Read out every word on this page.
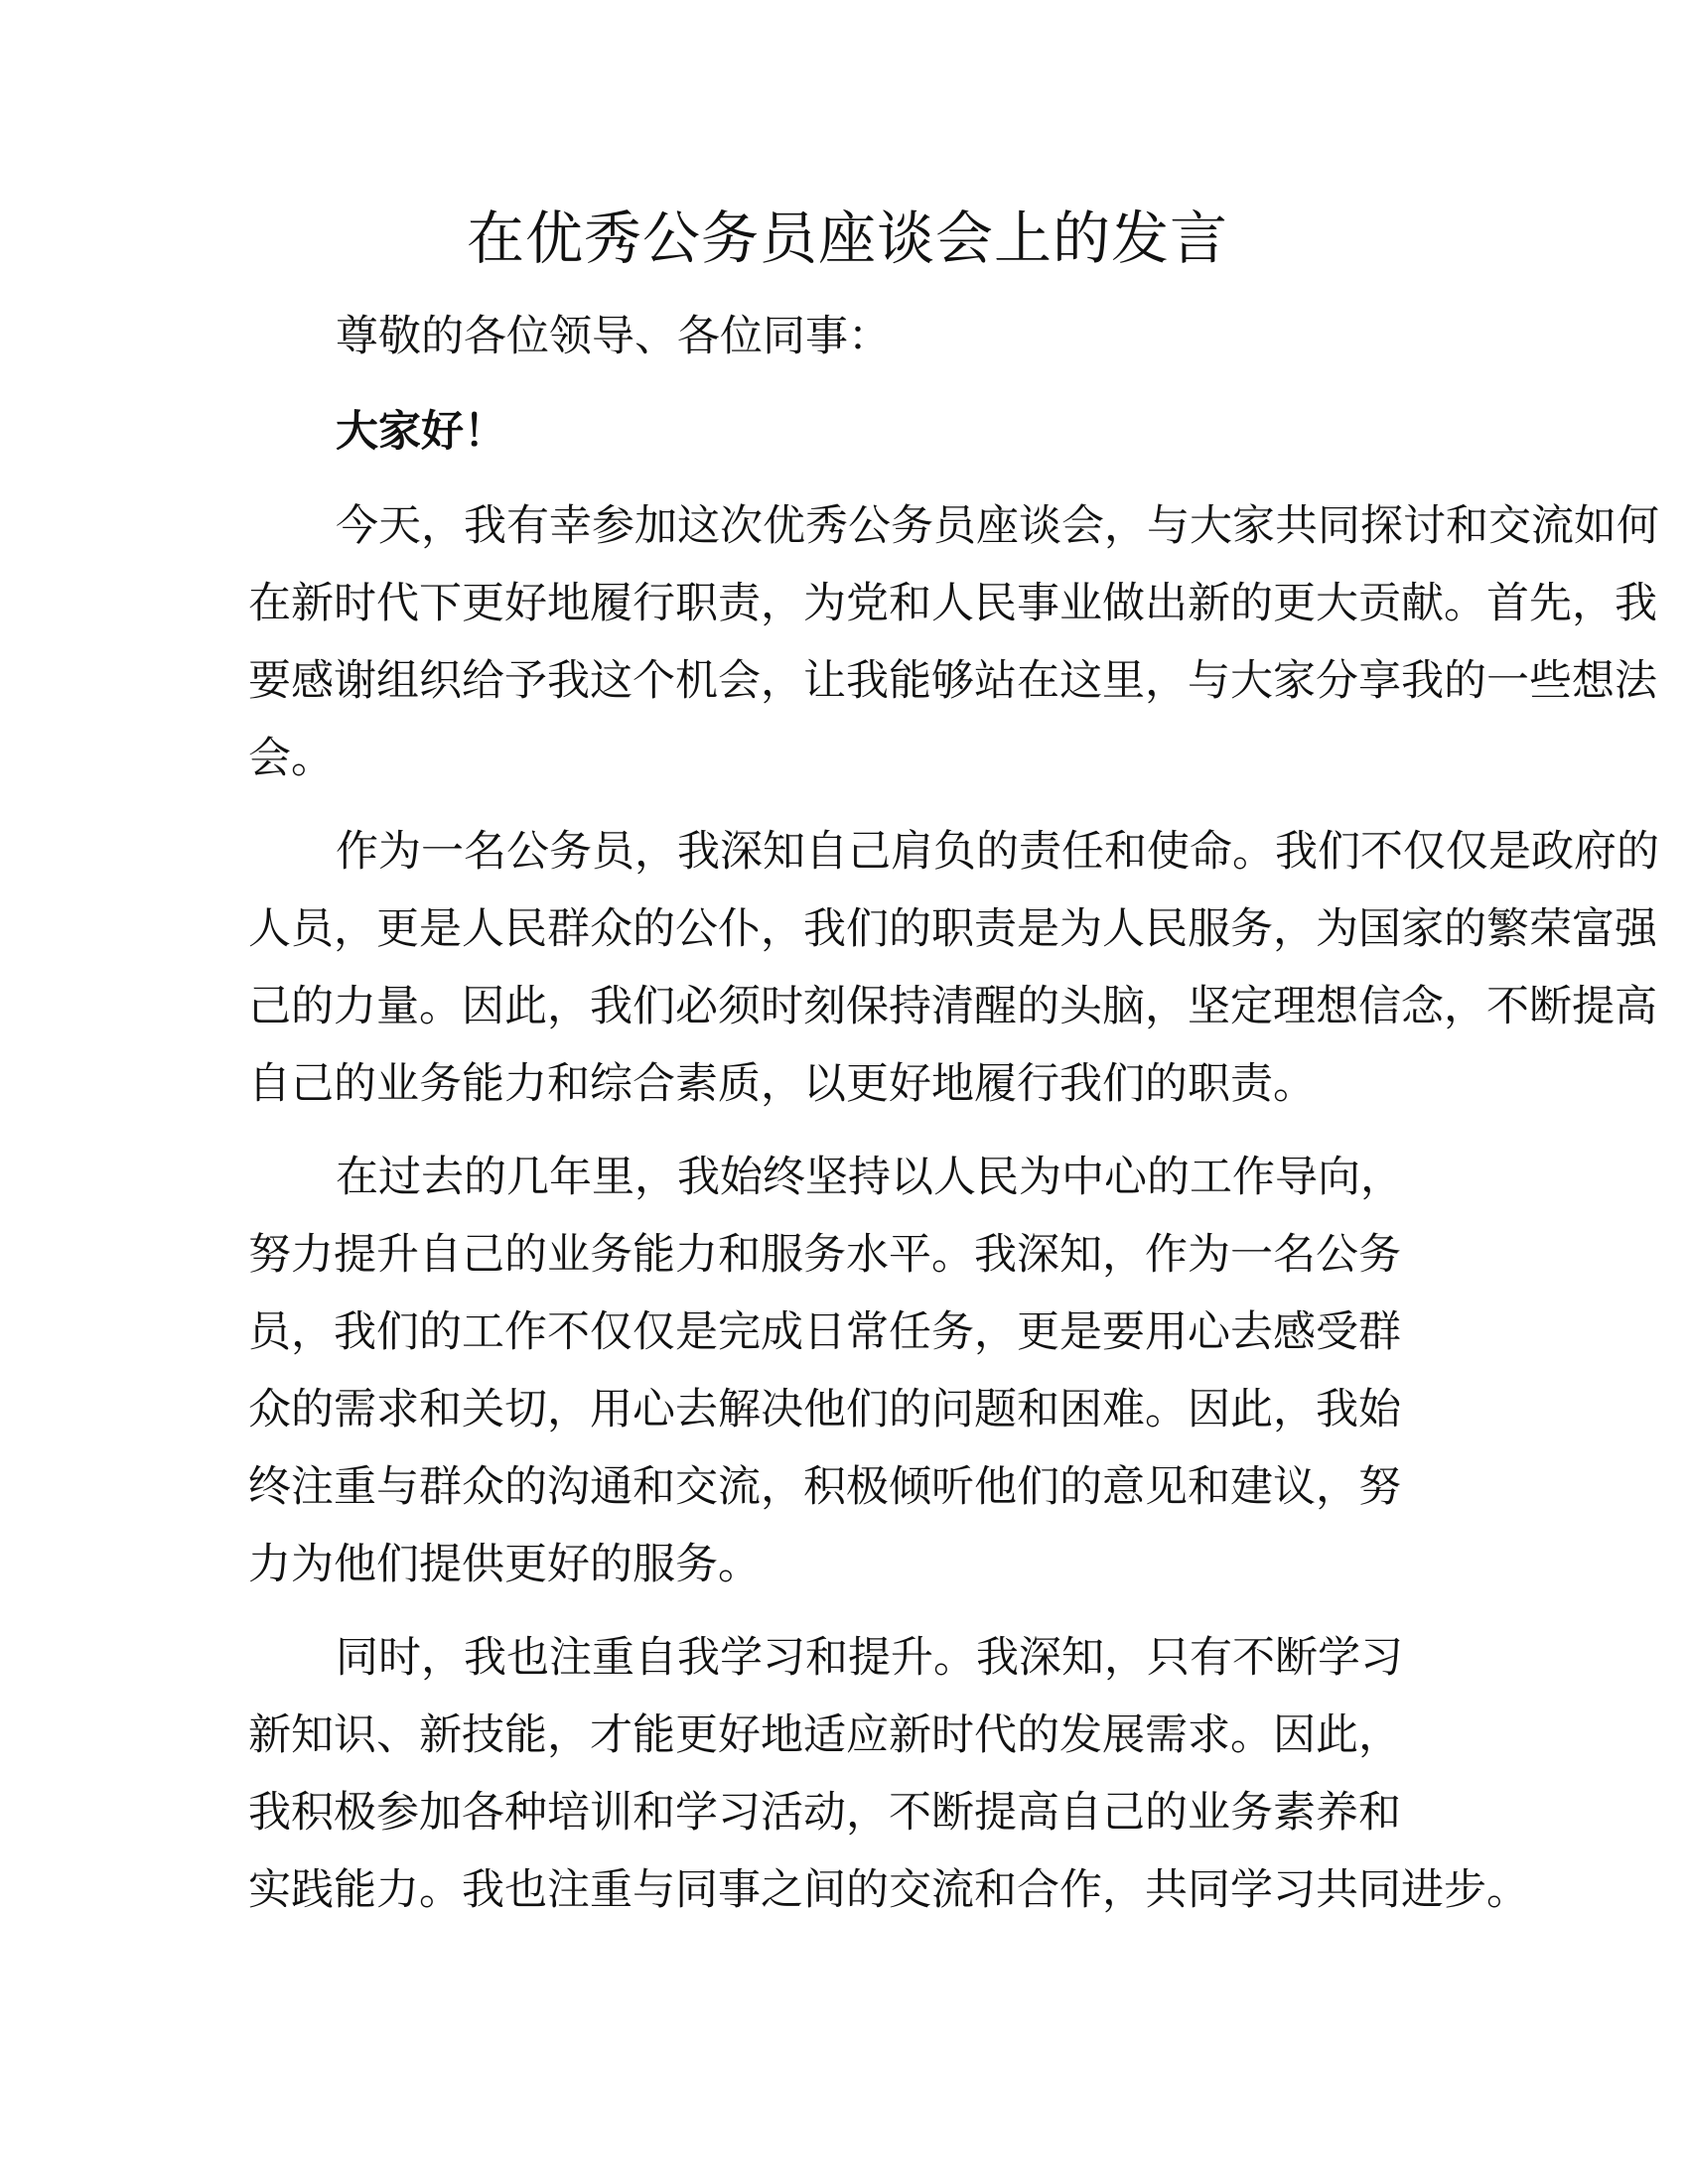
在优秀公务员座谈会上的发言
尊敬的各位领导、各位同事：
大家好！
今天，我有幸参加这次优秀公务员座谈会，与大家共同探讨和交流如何
在新时代下更好地履行职责，为党和人民事业做出新的更大贡献。首先，我
要感谢组织给予我这个机会，让我能够站在这里，与大家分享我的一些想法
会。
作为一名公务员，我深知自己肩负的责任和使命。我们不仅仅是政府的
人员，更是人民群众的公仆，我们的职责是为人民服务，为国家的繁荣富强
己的力量。因此，我们必须时刻保持清醒的头脑，坚定理想信念，不断提高
自己的业务能力和综合素质，以更好地履行我们的职责。
在过去的几年里，我始终坚持以人民为中心的工作导向，
努力提升自己的业务能力和服务水平。我深知，作为一名公务
员，我们的工作不仅仅是完成日常任务，更是要用心去感受群
众的需求和关切，用心去解决他们的问题和困难。因此，我始
终注重与群众的沟通和交流，积极倾听他们的意见和建议，努
力为他们提供更好的服务。
同时，我也注重自我学习和提升。我深知，只有不断学习
新知识、新技能，才能更好地适应新时代的发展需求。因此，
我积极参加各种培训和学习活动，不断提高自己的业务素养和
实践能力。我也注重与同事之间的交流和合作，共同学习共同进步。
